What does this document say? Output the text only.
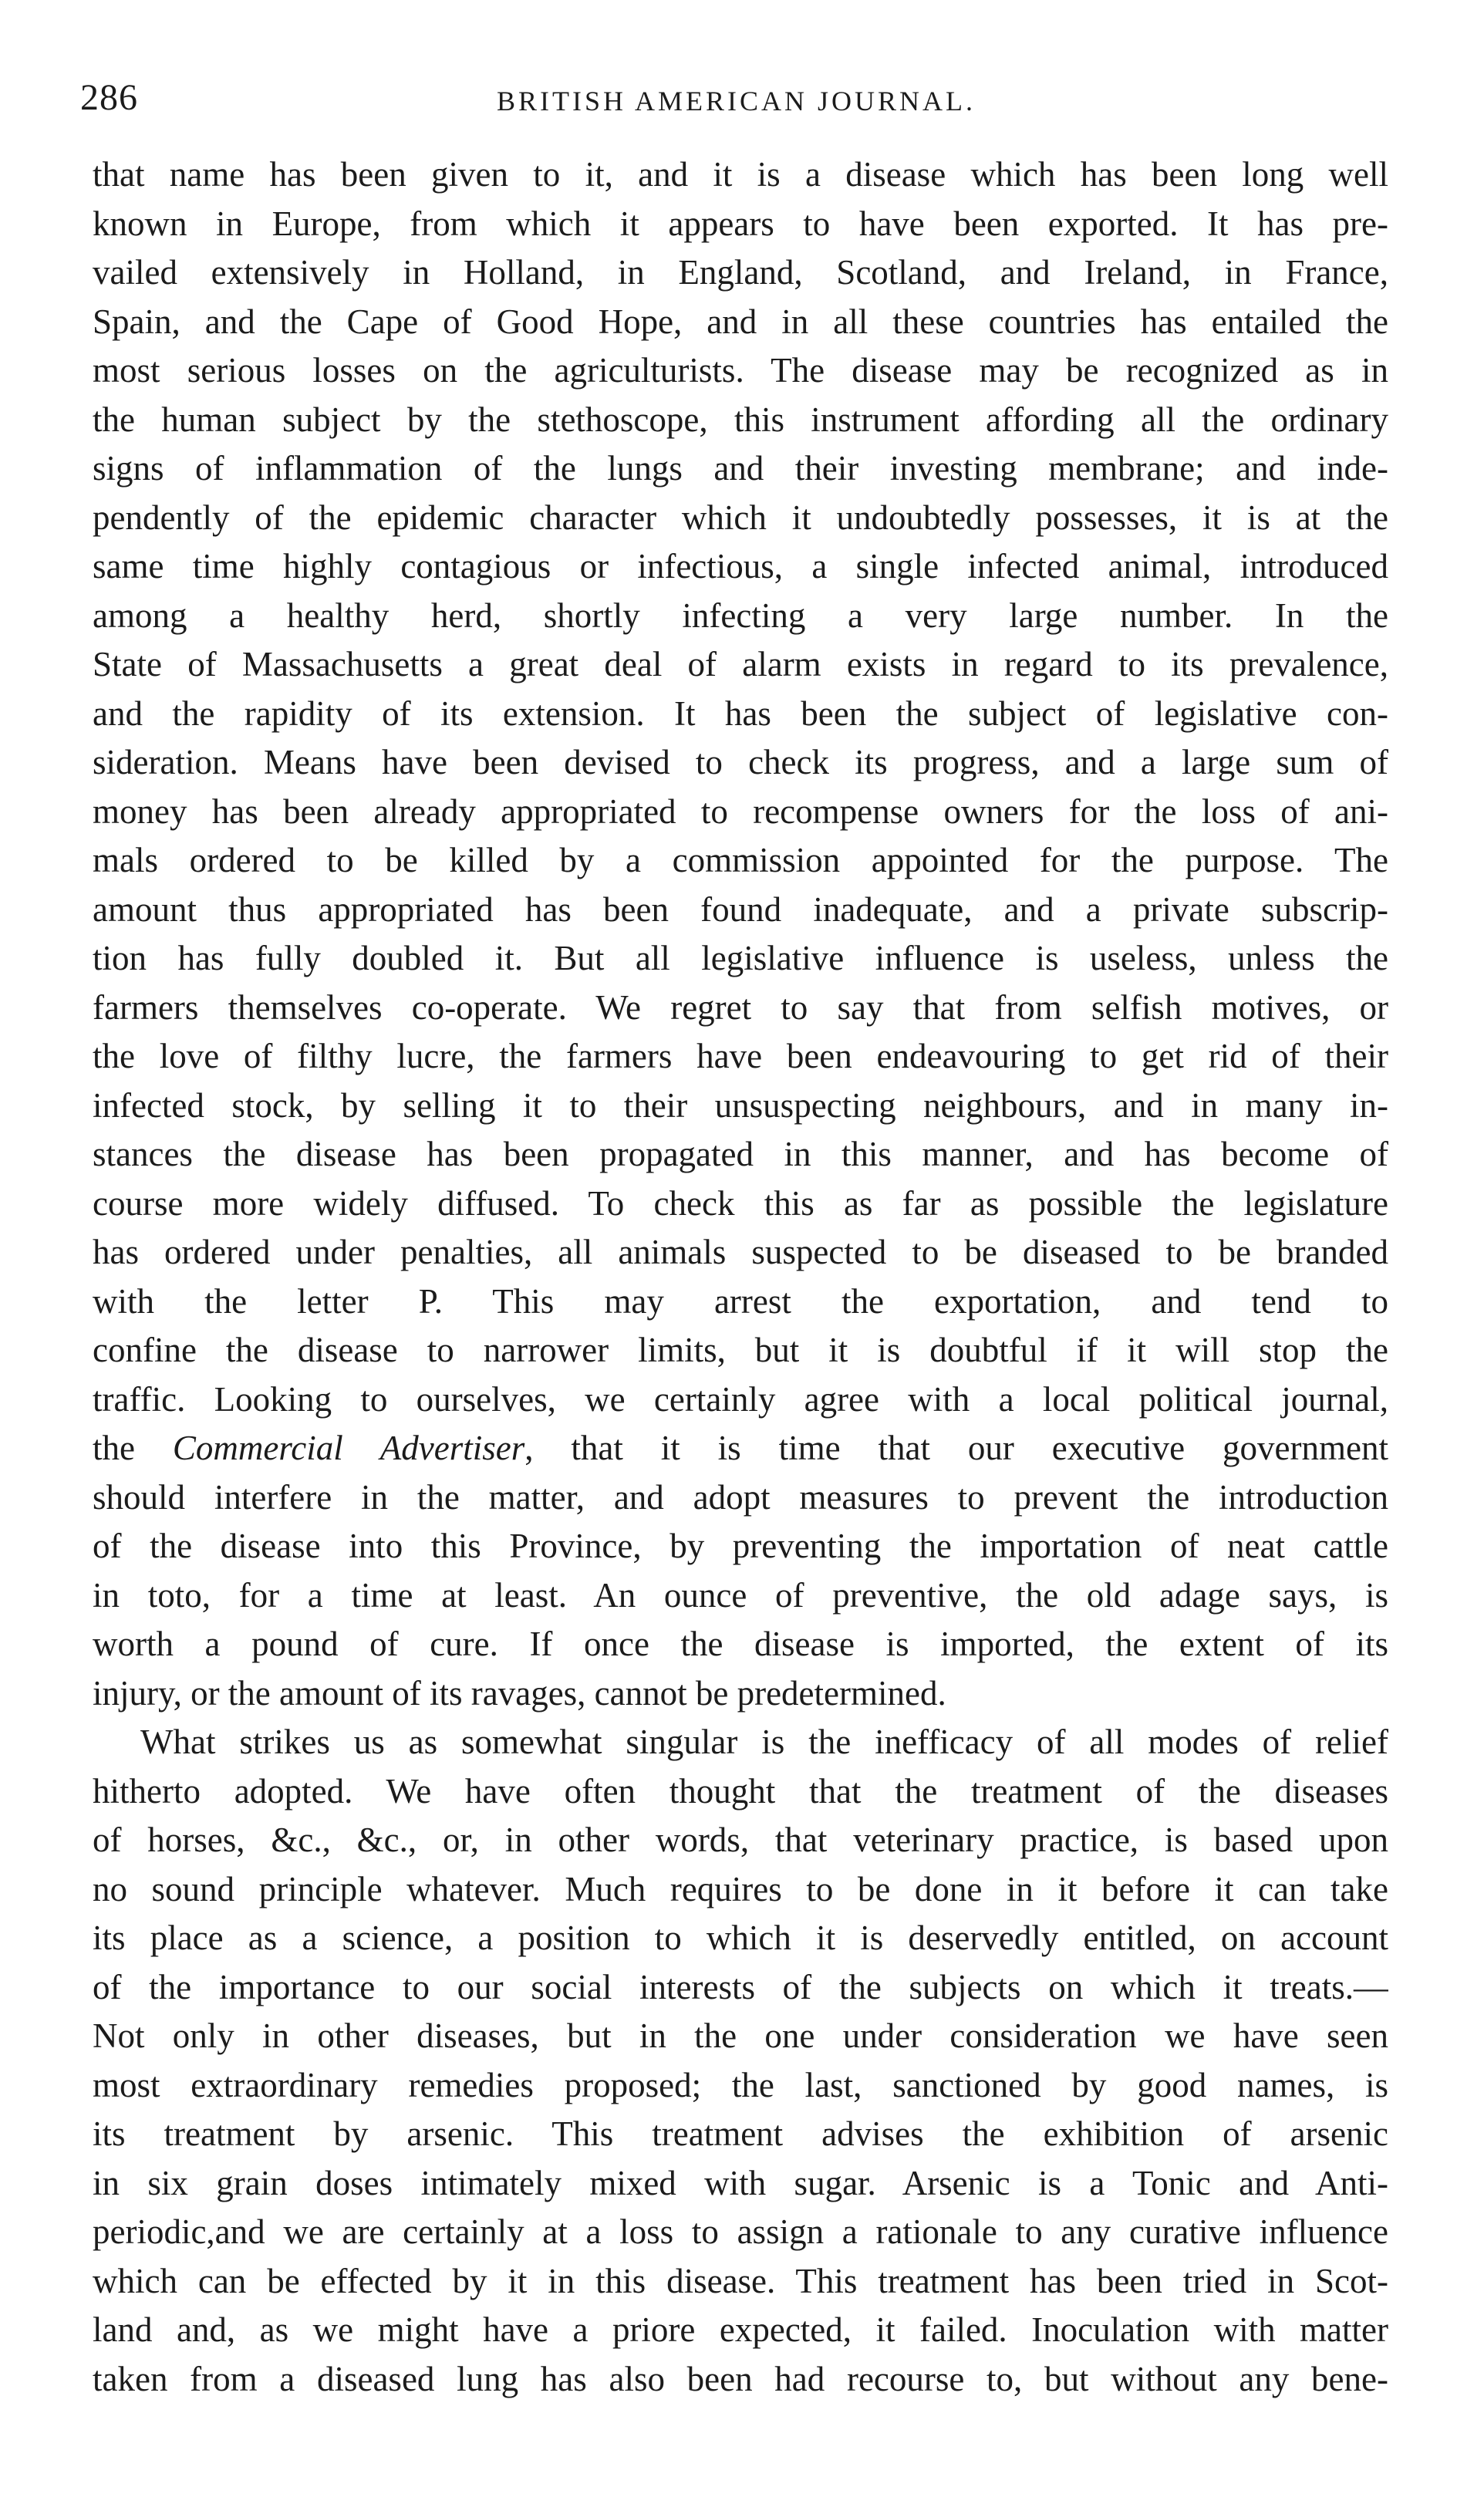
286	BRITISH AMERICAN JOURNAL.
that name has been given to it, and it is a disease which has been long well
known in Europe, from which it appears to have been exported. It has pre-
vailed extensively in Holland, in England, Scotland, and Ireland, in France,
Spain, and the Cape of Good Hope, and in all these countries has entailed the
most serious losses on the agriculturists. The disease may be recognized as in
the human subject by the stethoscope, this instrument affording all the ordinary
signs of inflammation of the lungs and their investing membrane; and inde-
pendently of the epidemic character which it undoubtedly possesses, it is at the
same time highly contagious or infectious, a single infected animal, introduced
among a healthy herd, shortly infecting a very large number. In the
State of Massachusetts a great deal of alarm exists in regard to its prevalence,
and the rapidity of its extension. It has been the subject of legislative con-
sideration. Means have been devised to check its progress, and a large sum of
money has been already appropriated to recompense owners for the loss of ani-
mals ordered to be killed by a commission appointed for the purpose. The
amount thus appropriated has been found inadequate, and a private subscrip-
tion has fully doubled it. But all legislative influence is useless, unless the
farmers themselves co-operate. We regret to say that from selfish motives, or
the love of filthy lucre, the farmers have been endeavouring to get rid of their
infected stock, by selling it to their unsuspecting neighbours, and in many in-
stances the disease has been propagated in this manner, and has become of
course more widely diffused. To check this as far as possible the legislature
has ordered under penalties, all animals suspected to be diseased to be branded
with the letter P. This may arrest the exportation, and tend to
confine the disease to narrower limits, but it is doubtful if it will stop the
traffic. Looking to ourselves, we certainly agree with a local political journal,
the Commercial Advertiser, that it is time that our executive government
should interfere in the matter, and adopt measures to prevent the introduction
of the disease into this Province, by preventing the importation of neat cattle
in toto, for a time at least. An ounce of preventive, the old adage says, is
worth a pound of cure. If once the disease is imported, the extent of its
injury, or the amount of its ravages, cannot be predetermined.
What strikes us as somewhat singular is the inefficacy of all modes of relief
hitherto adopted. We have often thought that the treatment of the diseases
of horses, &c., &c., or, in other words, that veterinary practice, is based upon
no sound principle whatever. Much requires to be done in it before it can take
its place as a science, a position to which it is deservedly entitled, on account
of the importance to our social interests of the subjects on which it treats.—
Not only in other diseases, but in the one under consideration we have seen
most extraordinary remedies proposed; the last, sanctioned by good names, is
its treatment by arsenic. This treatment advises the exhibition of arsenic
in six grain doses intimately mixed with sugar. Arsenic is a Tonic and Anti-
periodic,and we are certainly at a loss to assign a rationale to any curative influence
which can be effected by it in this disease. This treatment has been tried in Scot-
land and, as we might have a priore expected, it failed. Inoculation with matter
taken from a diseased lung has also been had recourse to, but without any bene-
